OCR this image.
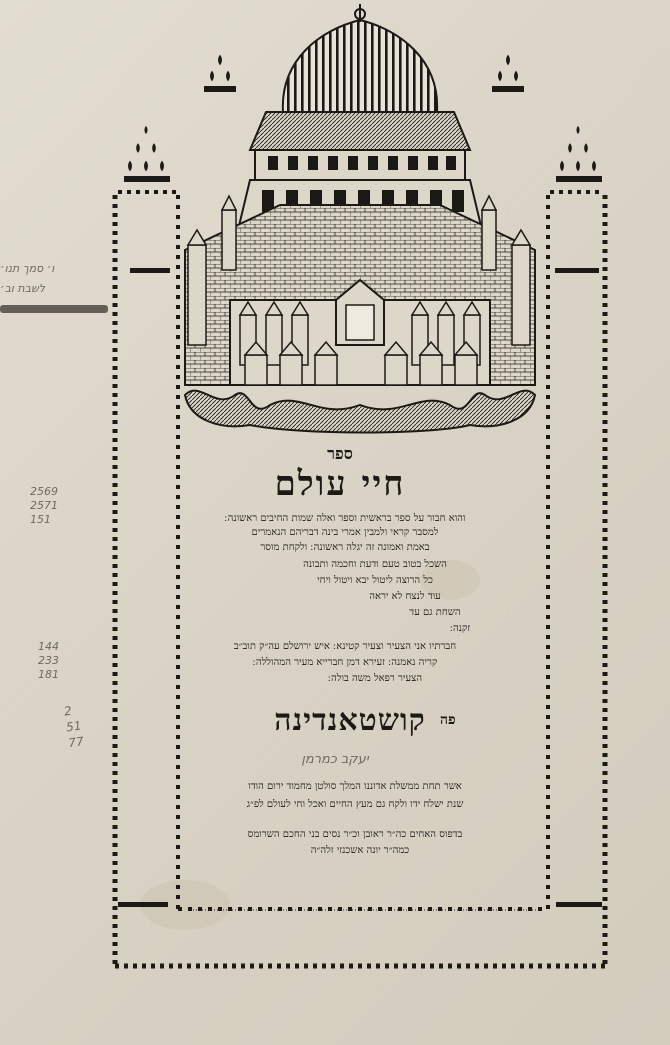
ספר
חיי עולם
והוא חבור על ספר בראשית וספר ואלה שמות החיבים ראשונה ׃
למסבר קראי ולמבין אמרי בינה דבריהם הנאמרים
באמת ואמונה זה יגלה ראשונה ׃ ולקחת מוסר
השכל בטוב טעם ודעת וחכמה ותבונה
כל הרוצה ליטול יבא ויטול ויחי
עוד לנצח לא יראה
השחת גם עד
זקנה ׃
חברתיו אני הצעיר וצעיר קטינא ׃ איש ירושלם עה״ק תוב״ב
קריה נאמנה ׃ זעירא דמן חברייא מעיר המהוללה ׃
הצעיר רפאל משה בולה ׃
פה
קושטאנדינה
יעקב כמרמן
אשר תחת ממשלת אדוננו המלך סולטן מחמוד ירום הודו
שנת ישלח ידו ולקח גם מעץ החיים ואכל וחי לעולם לפ״ג
בדפוס האחים כה״ר ראובן וכ״ר נסים בני החכם השרומס
כמה״ר יונה אשכנזי זלה״ה
ו׳ סמך תנו׳
לשבת וב׳
2569
2571
151
144
233
181
2
51
77
